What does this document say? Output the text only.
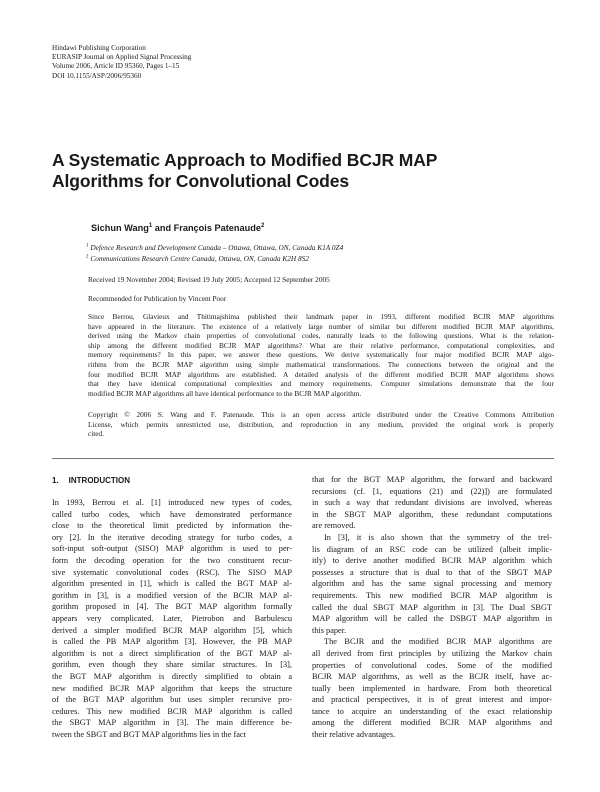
Hindawi Publishing Corporation
EURASIP Journal on Applied Signal Processing
Volume 2006, Article ID 95360, Pages 1–15
DOI 10.1155/ASP/2006/95360
A Systematic Approach to Modified BCJR MAP
Algorithms for Convolutional Codes
Sichun Wang$^1$ and François Patenaude$^2$
$^1$ Defence Research and Development Canada – Ottawa, Ottawa, ON, Canada K1A 0Z4
$^2$ Communications Research Centre Canada, Ottawa, ON, Canada K2H 8S2
Received 19 November 2004; Revised 19 July 2005; Accepted 12 September 2005
Recommended for Publication by Vincent Poor
Since Berrou, Glavieux and Thitimajshima published their landmark paper in 1993, different modified BCJR MAP algorithms
have appeared in the literature. The existence of a relatively large number of similar but different modified BCJR MAP algorithms,
derived using the Markov chain properties of convolutional codes, naturally leads to the following questions. What is the relation-
ship among the different modified BCJR MAP algorithms? What are their relative performance, computational complexities, and
memory requirements? In this paper, we answer these questions. We derive systematically four major modified BCJR MAP algo-
rithms from the BCJR MAP algorithm using simple mathematical transformations. The connections between the original and the
four modified BCJR MAP algorithms are established. A detailed analysis of the different modified BCJR MAP algorithms shows
that they have identical computational complexities and memory requirements. Computer simulations demonstrate that the four
modified BCJR MAP algorithms all have identical performance to the BCJR MAP algorithm.
Copyright © 2006 S. Wang and F. Patenaude. This is an open access article distributed under the Creative Commons Attribution
License, which permits unrestricted use, distribution, and reproduction in any medium, provided the original work is properly
cited.
1. INTRODUCTION
In 1993, Berrou et al. [1] introduced new types of codes,
called turbo codes, which have demonstrated performance
close to the theoretical limit predicted by information the-
ory [2]. In the iterative decoding strategy for turbo codes, a
soft-input soft-output (SISO) MAP algorithm is used to per-
form the decoding operation for the two constituent recur-
sive systematic convolutional codes (RSC). The SISO MAP
algorithm presented in [1], which is called the BGT MAP al-
gorithm in [3], is a modified version of the BCJR MAP al-
gorithm proposed in [4]. The BGT MAP algorithm formally
appears very complicated. Later, Pietrobon and Barbulescu
derived a simpler modified BCJR MAP algorithm [5], which
is called the PB MAP algorithm [3]. However, the PB MAP
algorithm is not a direct simplification of the BGT MAP al-
gorithm, even though they share similar structures. In [3],
the BGT MAP algorithm is directly simplified to obtain a
new modified BCJR MAP algorithm that keeps the structure
of the BGT MAP algorithm but uses simpler recursive pro-
cedures. This new modified BCJR MAP algorithm is called
the SBGT MAP algorithm in [3]. The main difference be-
tween the SBGT and BGT MAP algorithms lies in the fact
that for the BGT MAP algorithm, the forward and backward
recursions (cf. [1, equations (21) and (22)]) are formulated
in such a way that redundant divisions are involved, whereas
in the SBGT MAP algorithm, these redundant computations
are removed.
In [3], it is also shown that the symmetry of the trel-
lis diagram of an RSC code can be utilized (albeit implic-
itly) to derive another modified BCJR MAP algorithm which
possesses a structure that is dual to that of the SBGT MAP
algorithm and has the same signal processing and memory
requirements. This new modified BCJR MAP algorithm is
called the dual SBGT MAP algorithm in [3]. The Dual SBGT
MAP algorithm will be called the DSBGT MAP algorithm in
this paper.
The BCJR and the modified BCJR MAP algorithms are
all derived from first principles by utilizing the Markov chain
properties of convolutional codes. Some of the modified
BCJR MAP algorithms, as well as the BCJR itself, have ac-
tually been implemented in hardware. From both theoretical
and practical perspectives, it is of great interest and impor-
tance to acquire an understanding of the exact relationship
among the different modified BCJR MAP algorithms and
their relative advantages.
